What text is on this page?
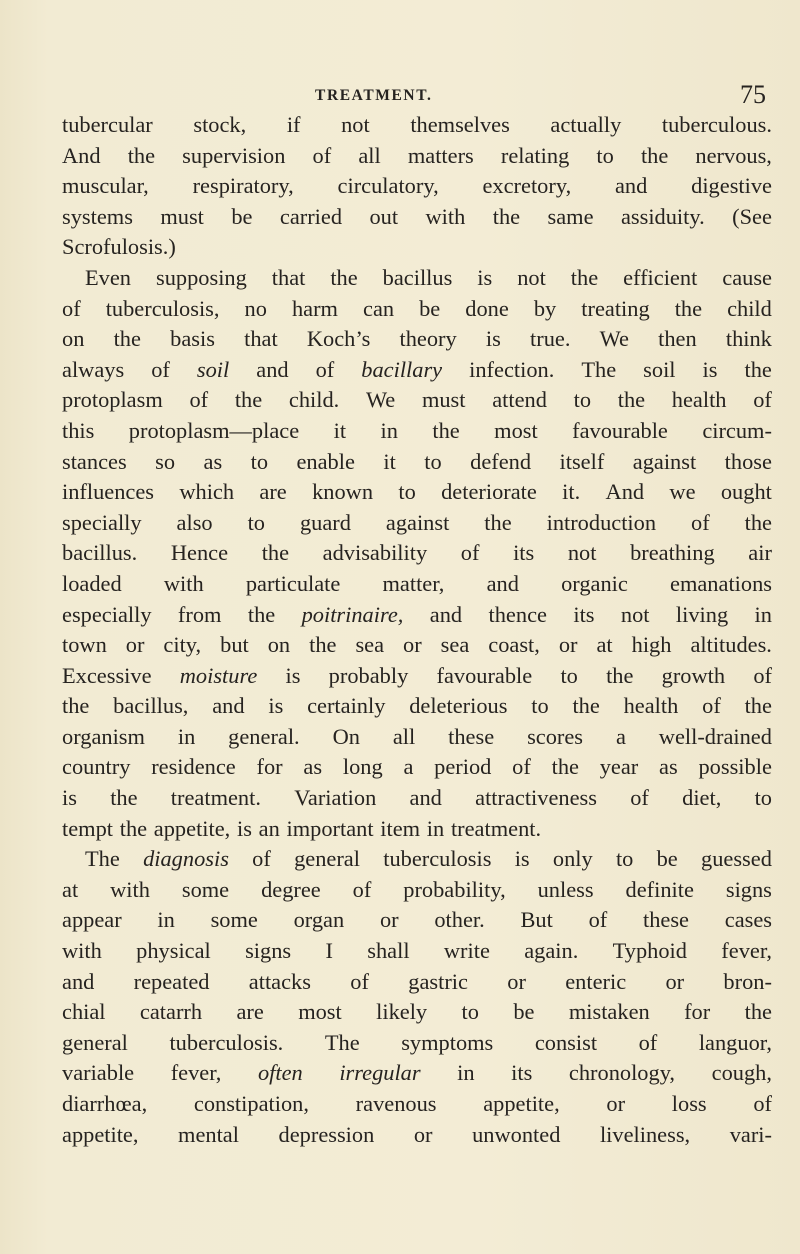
TREATMENT.	75
tubercular stock, if not themselves actually tuberculous.
And the supervision of all matters relating to the nervous,
muscular, respiratory, circulatory, excretory, and digestive
systems must be carried out with the same assiduity. (See
Scrofulosis.)
Even supposing that the bacillus is not the efficient cause
of tuberculosis, no harm can be done by treating the child
on the basis that Koch’s theory is true. We then think
always of soil and of bacillary infection. The soil is the
protoplasm of the child. We must attend to the health of
this protoplasm—place it in the most favourable circum-
stances so as to enable it to defend itself against those
influences which are known to deteriorate it. And we ought
specially also to guard against the introduction of the
bacillus. Hence the advisability of its not breathing air
loaded with particulate matter, and organic emanations
especially from the poitrinaire, and thence its not living in
town or city, but on the sea or sea coast, or at high altitudes.
Excessive moisture is probably favourable to the growth of
the bacillus, and is certainly deleterious to the health of the
organism in general. On all these scores a well-drained
country residence for as long a period of the year as possible
is the treatment. Variation and attractiveness of diet, to
tempt the appetite, is an important item in treatment.
The diagnosis of general tuberculosis is only to be guessed
at with some degree of probability, unless definite signs
appear in some organ or other. But of these cases
with physical signs I shall write again. Typhoid fever,
and repeated attacks of gastric or enteric or bron-
chial catarrh are most likely to be mistaken for the
general tuberculosis. The symptoms consist of languor,
variable fever, often irregular in its chronology, cough,
diarrhœa, constipation, ravenous appetite, or loss of
appetite, mental depression or unwonted liveliness, vari-
